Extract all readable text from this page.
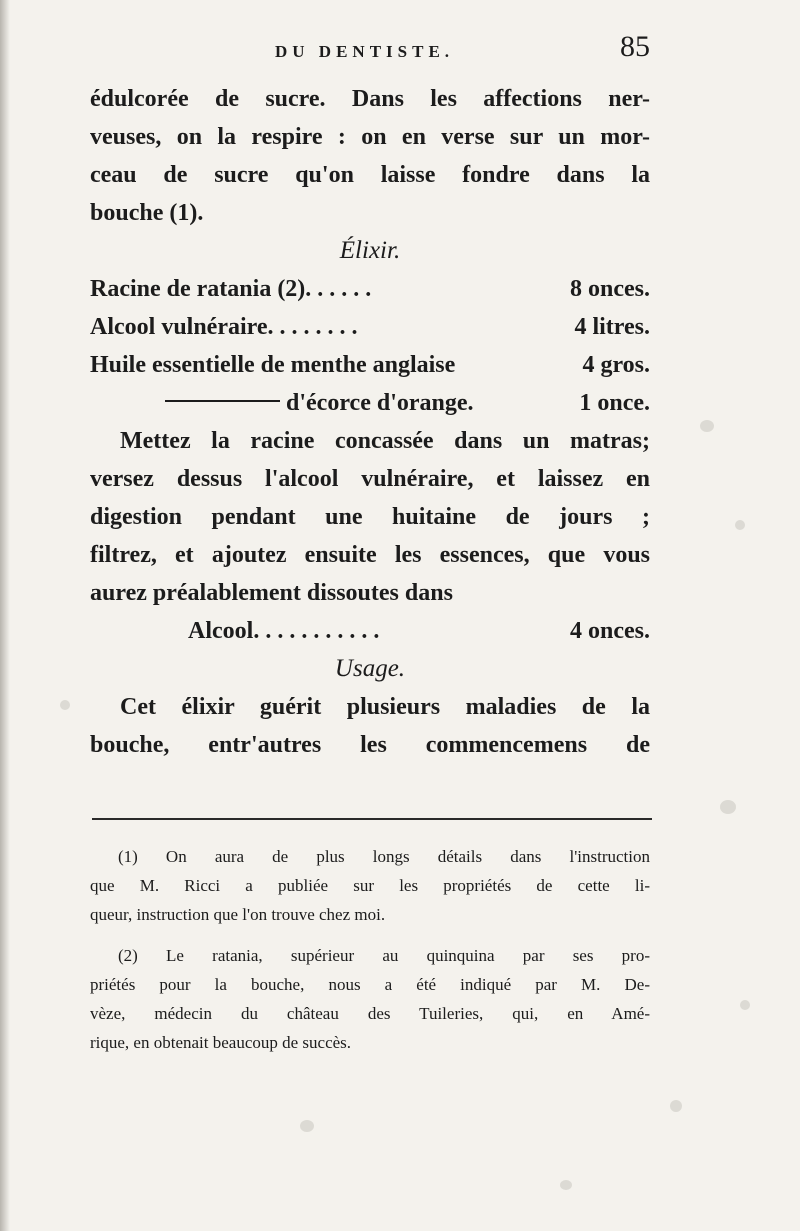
DU DENTISTE.	85
édulcorée de sucre. Dans les affections ner-
veuses, on la respire : on en verse sur un mor-
ceau de sucre qu'on laisse fondre dans la
bouche (1).
Élixir.
Racine de ratania (2). . . . . .	8 onces.
Alcool vulnéraire. . . . . . . .	4 litres.
Huile essentielle de menthe anglaise	4 gros.
d'écorce d'orange.	1 once.
Mettez la racine concassée dans un matras;
versez dessus l'alcool vulnéraire, et laissez en
digestion pendant une huitaine de jours ;
filtrez, et ajoutez ensuite les essences, que vous
aurez préalablement dissoutes dans
Alcool. . . . . . . . . . .	4 onces.
Usage.
Cet élixir guérit plusieurs maladies de la
bouche, entr'autres les commencemens de
(1) On aura de plus longs détails dans l'instruction
que M. Ricci a publiée sur les propriétés de cette li-
queur, instruction que l'on trouve chez moi.
(2) Le ratania, supérieur au quinquina par ses pro-
priétés pour la bouche, nous a été indiqué par M. De-
vèze, médecin du château des Tuileries, qui, en Amé-
rique, en obtenait beaucoup de succès.
